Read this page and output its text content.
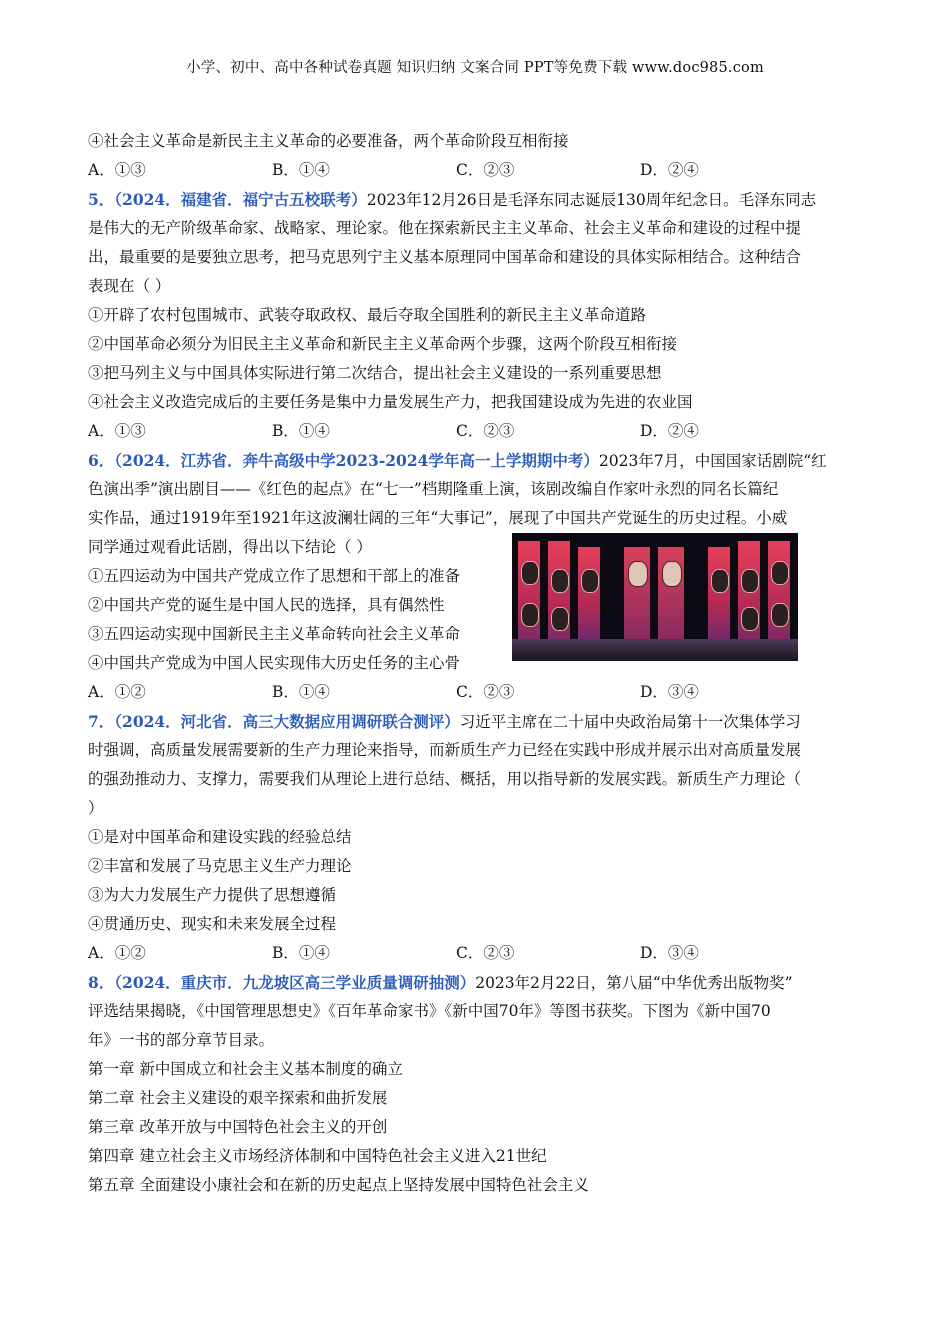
小学、初中、高中各种试卷真题 知识归纳 文案合同 PPT等免费下载 www.doc985.com
④社会主义革命是新民主主义革命的必要准备，两个革命阶段互相衔接
A．①③	B．①④	C．②③	D．②④
5．（2024．福建省．福宁古五校联考）2023年12月26日是毛泽东同志诞辰130周年纪念日。毛泽东同志
是伟大的无产阶级革命家、战略家、理论家。他在探索新民主主义革命、社会主义革命和建设的过程中提
出，最重要的是要独立思考，把马克思列宁主义基本原理同中国革命和建设的具体实际相结合。这种结合
表现在（ ）
①开辟了农村包围城市、武装夺取政权、最后夺取全国胜利的新民主主义革命道路
②中国革命必须分为旧民主主义革命和新民主主义革命两个步骤，这两个阶段互相衔接
③把马列主义与中国具体实际进行第二次结合，提出社会主义建设的一系列重要思想
④社会主义改造完成后的主要任务是集中力量发展生产力，把我国建设成为先进的农业国
A．①③	B．①④	C．②③	D．②④
6．（2024．江苏省．奔牛高级中学2023-2024学年高一上学期期中考）2023年7月，中国国家话剧院“红
色演出季”演出剧目——《红色的起点》在“七一”档期隆重上演，该剧改编自作家叶永烈的同名长篇纪
实作品，通过1919年至1921年这波澜壮阔的三年“大事记”，展现了中国共产党诞生的历史过程。小威
同学通过观看此话剧，得出以下结论（ ）
①五四运动为中国共产党成立作了思想和干部上的准备
②中国共产党的诞生是中国人民的选择，具有偶然性
③五四运动实现中国新民主主义革命转向社会主义革命
④中国共产党成为中国人民实现伟大历史任务的主心骨
A．①②	B．①④	C．②③	D．③④
7．（2024．河北省．高三大数据应用调研联合测评）习近平主席在二十届中央政治局第十一次集体学习
时强调，高质量发展需要新的生产力理论来指导，而新质生产力已经在实践中形成并展示出对高质量发展
的强劲推动力、支撑力，需要我们从理论上进行总结、概括，用以指导新的发展实践。新质生产力理论（
）
①是对中国革命和建设实践的经验总结
②丰富和发展了马克思主义生产力理论
③为大力发展生产力提供了思想遵循
④贯通历史、现实和未来发展全过程
A．①②	B．①④	C．②③	D．③④
8．（2024．重庆市．九龙坡区高三学业质量调研抽测）2023年2月22日，第八届“中华优秀出版物奖”
评选结果揭晓，《中国管理思想史》《百年革命家书》《新中国70年》等图书获奖。下图为《新中国70
年》一书的部分章节目录。
第一章 新中国成立和社会主义基本制度的确立
第二章 社会主义建设的艰辛探索和曲折发展
第三章 改革开放与中国特色社会主义的开创
第四章 建立社会主义市场经济体制和中国特色社会主义进入21世纪
第五章 全面建设小康社会和在新的历史起点上坚持发展中国特色社会主义
